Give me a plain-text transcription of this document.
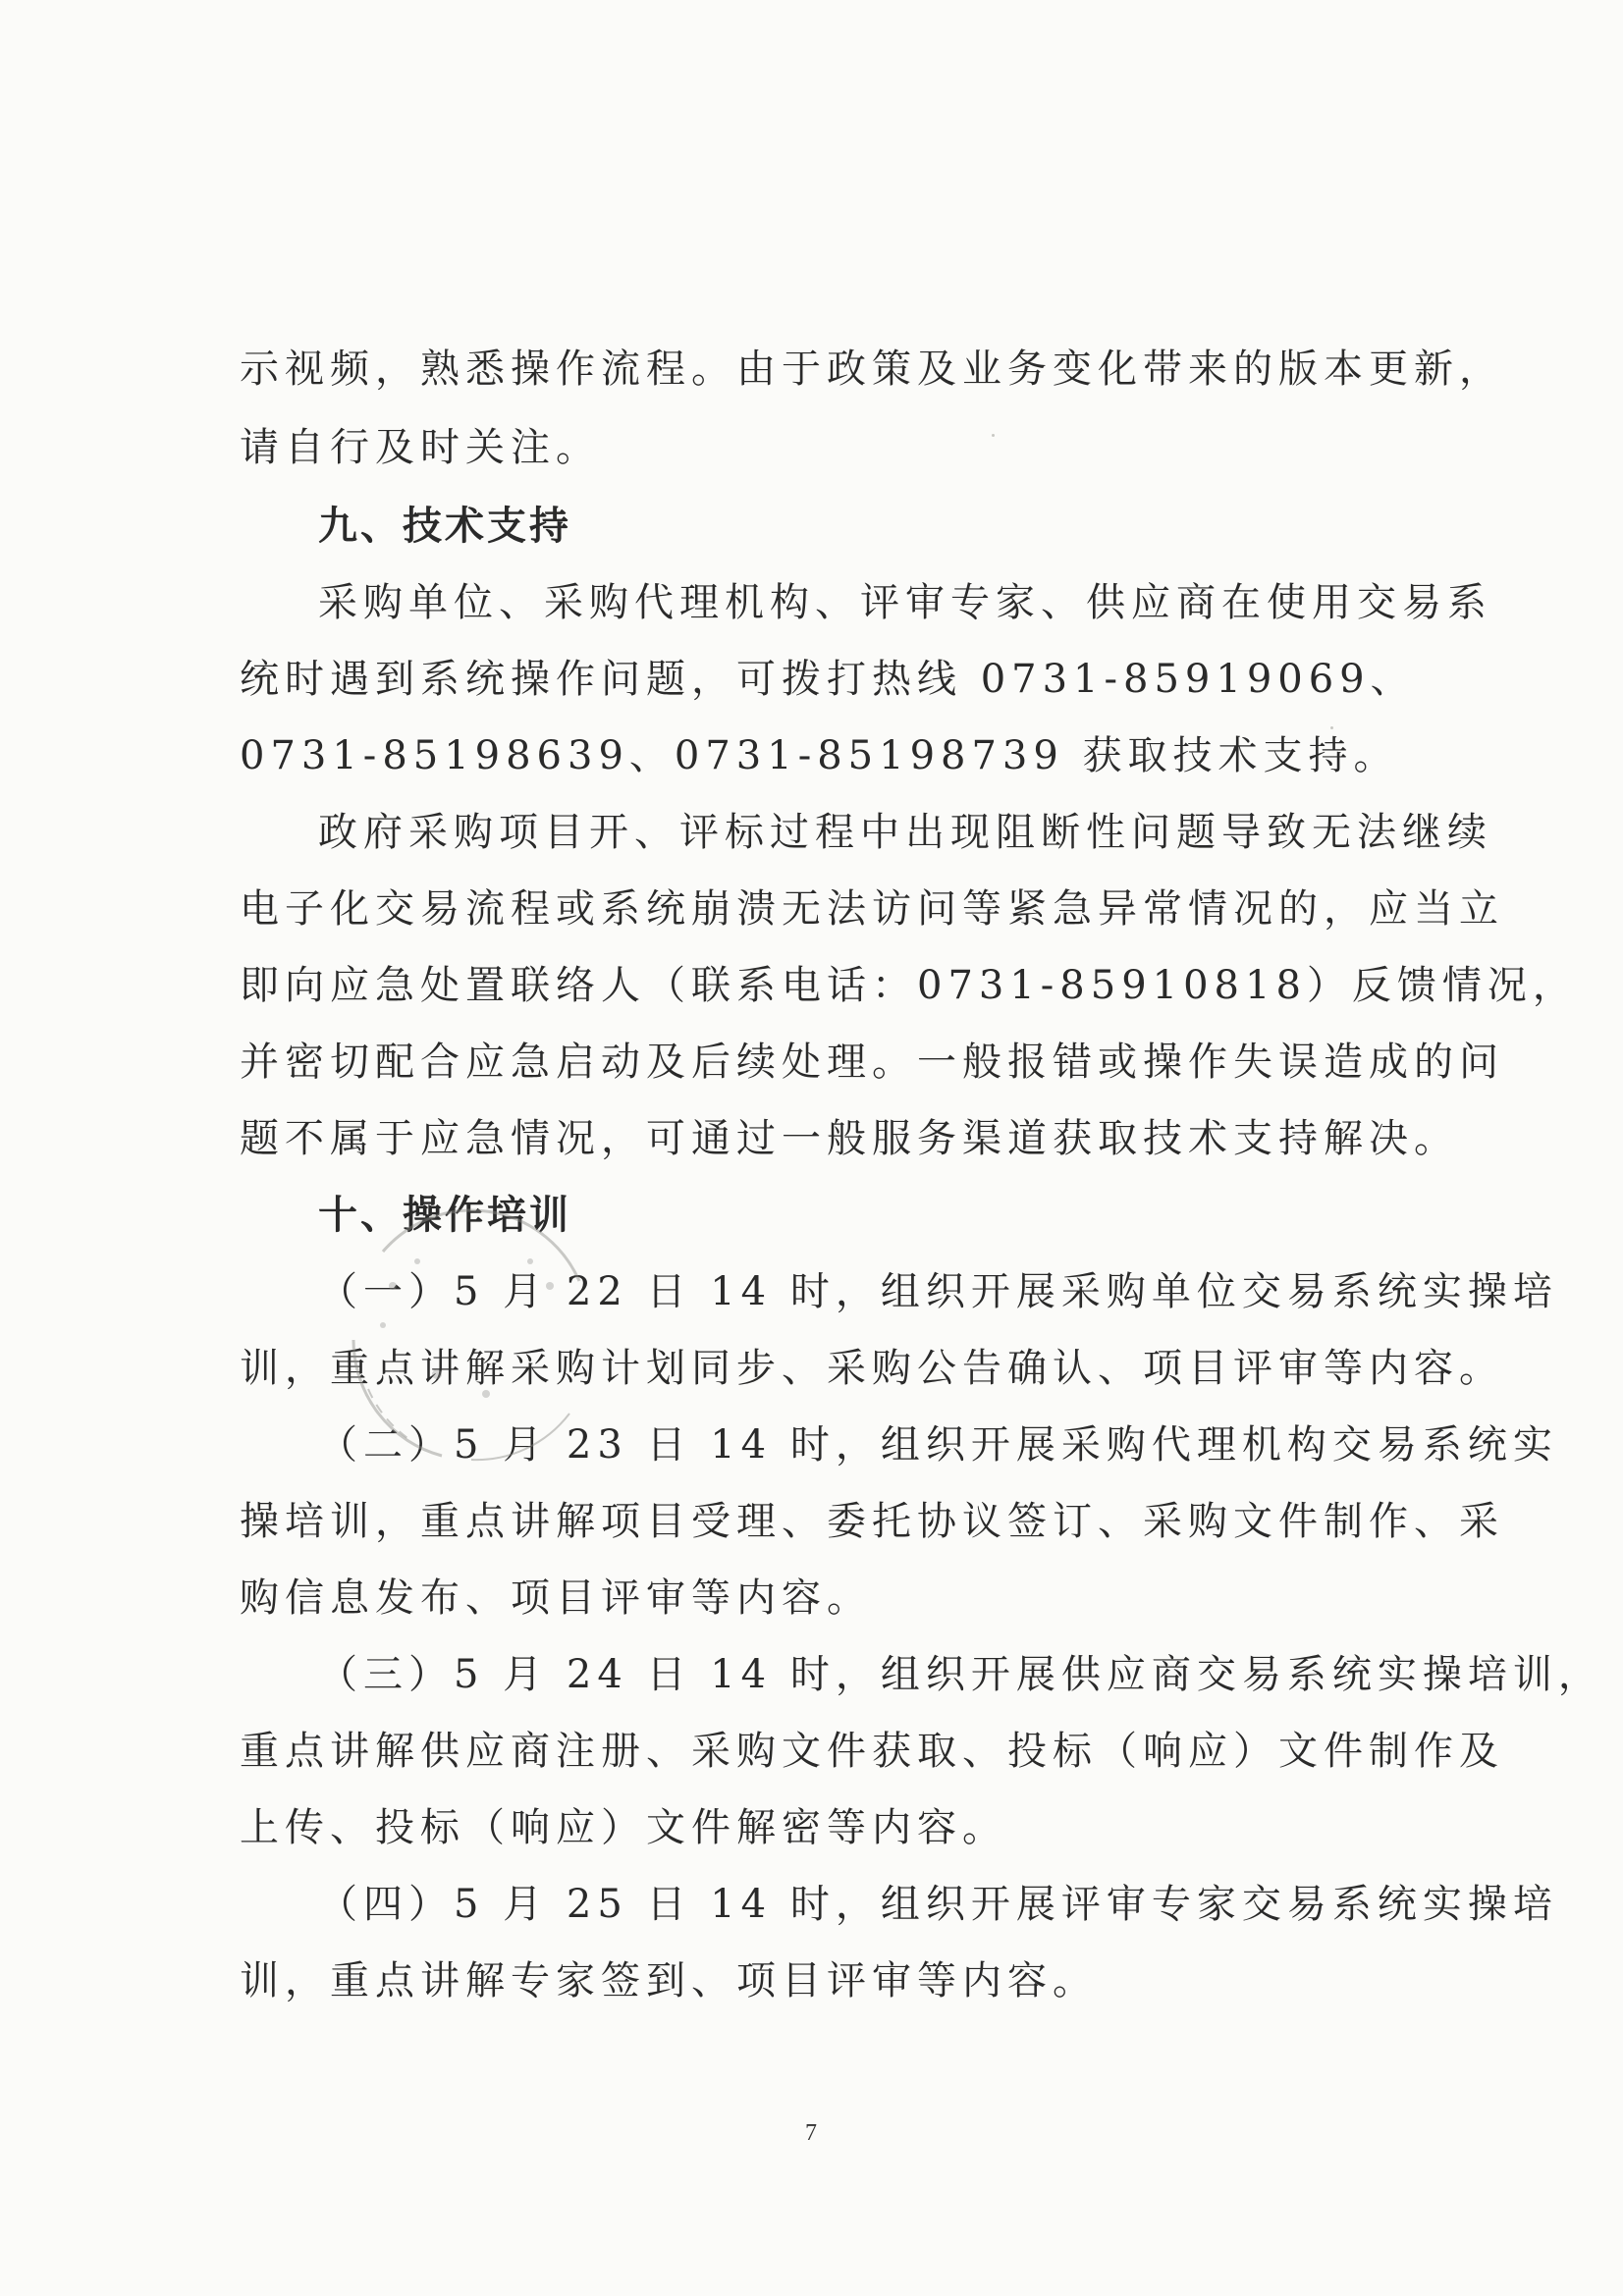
示视频，熟悉操作流程。由于政策及业务变化带来的版本更新，
请自行及时关注。
九、技术支持
采购单位、采购代理机构、评审专家、供应商在使用交易系
统时遇到系统操作问题，可拨打热线 0731-85919069、
0731-85198639、0731-85198739 获取技术支持。
政府采购项目开、评标过程中出现阻断性问题导致无法继续
电子化交易流程或系统崩溃无法访问等紧急异常情况的，应当立
即向应急处置联络人（联系电话：0731-85910818）反馈情况，
并密切配合应急启动及后续处理。一般报错或操作失误造成的问
题不属于应急情况，可通过一般服务渠道获取技术支持解决。
十、操作培训
（一）5 月 22 日 14 时，组织开展采购单位交易系统实操培
训，重点讲解采购计划同步、采购公告确认、项目评审等内容。
（二）5 月 23 日 14 时，组织开展采购代理机构交易系统实
操培训，重点讲解项目受理、委托协议签订、采购文件制作、采
购信息发布、项目评审等内容。
（三）5 月 24 日 14 时，组织开展供应商交易系统实操培训，
重点讲解供应商注册、采购文件获取、投标（响应）文件制作及
上传、投标（响应）文件解密等内容。
（四）5 月 25 日 14 时，组织开展评审专家交易系统实操培
训，重点讲解专家签到、项目评审等内容。
7
